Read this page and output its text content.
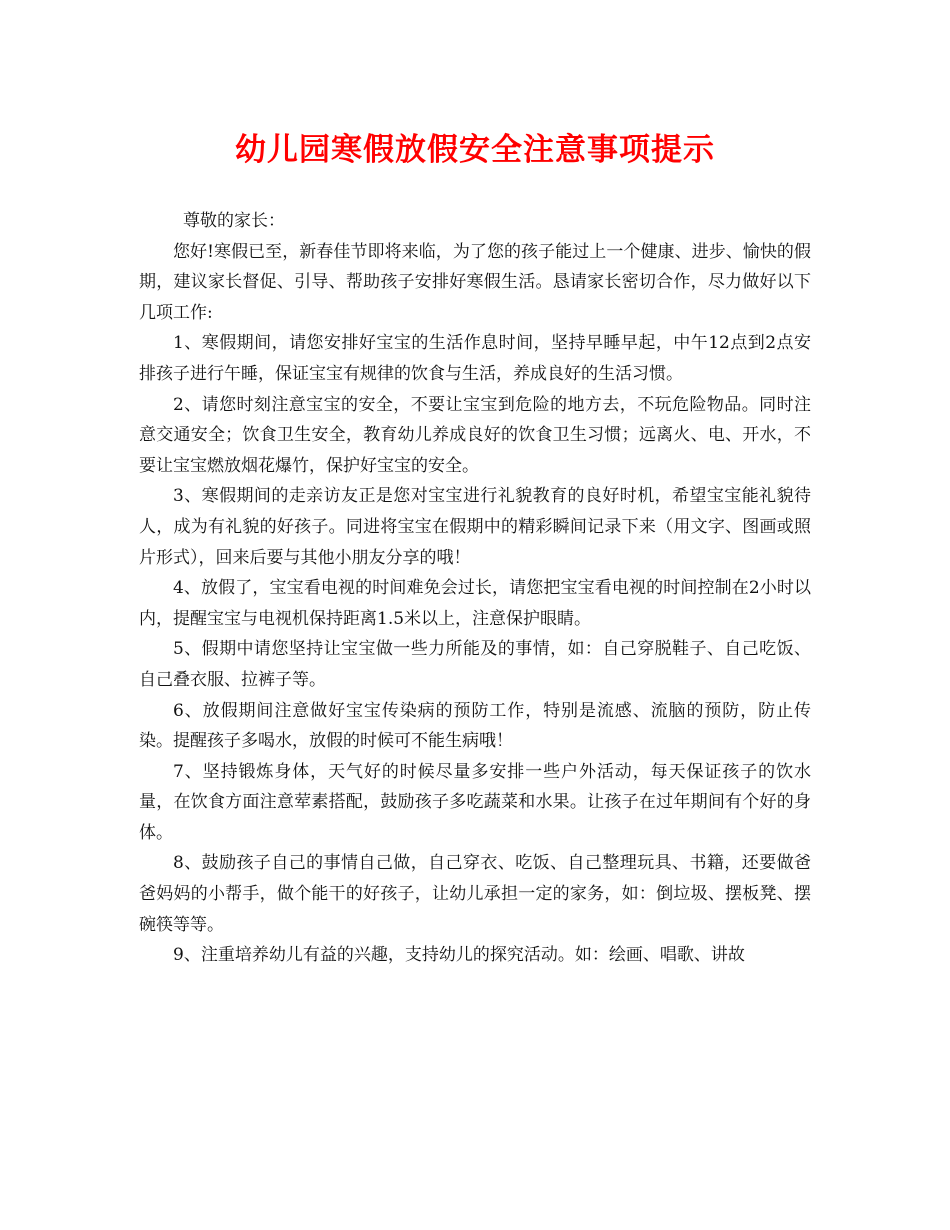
幼儿园寒假放假安全注意事项提示

尊敬的家长：

您好!寒假已至，新春佳节即将来临，为了您的孩子能过上一个健康、进步、愉快的假期，建议家长督促、引导、帮助孩子安排好寒假生活。恳请家长密切合作，尽力做好以下几项工作:

1、寒假期间，请您安排好宝宝的生活作息时间，坚持早睡早起，中午12点到2点安排孩子进行午睡，保证宝宝有规律的饮食与生活，养成良好的生活习惯。

2、请您时刻注意宝宝的安全，不要让宝宝到危险的地方去，不玩危险物品。同时注意交通安全；饮食卫生安全，教育幼儿养成良好的饮食卫生习惯；远离火、电、开水，不要让宝宝燃放烟花爆竹，保护好宝宝的安全。

3、寒假期间的走亲访友正是您对宝宝进行礼貌教育的良好时机，希望宝宝能礼貌待人，成为有礼貌的好孩子。同进将宝宝在假期中的精彩瞬间记录下来（用文字、图画或照片形式），回来后要与其他小朋友分享的哦！

4、放假了，宝宝看电视的时间难免会过长，请您把宝宝看电视的时间控制在2小时以内，提醒宝宝与电视机保持距离1.5米以上，注意保护眼睛。

5、假期中请您坚持让宝宝做一些力所能及的事情，如：自己穿脱鞋子、自己吃饭、自己叠衣服、拉裤子等。

6、放假期间注意做好宝宝传染病的预防工作，特别是流感、流脑的预防，防止传染。提醒孩子多喝水，放假的时候可不能生病哦！

7、坚持锻炼身体，天气好的时候尽量多安排一些户外活动，每天保证孩子的饮水量，在饮食方面注意荤素搭配，鼓励孩子多吃蔬菜和水果。让孩子在过年期间有个好的身体。

8、鼓励孩子自己的事情自己做，自己穿衣、吃饭、自己整理玩具、书籍，还要做爸爸妈妈的小帮手，做个能干的好孩子，让幼儿承担一定的家务，如：倒垃圾、摆板凳、摆碗筷等等。

9、注重培养幼儿有益的兴趣，支持幼儿的探究活动。如：绘画、唱歌、讲故
